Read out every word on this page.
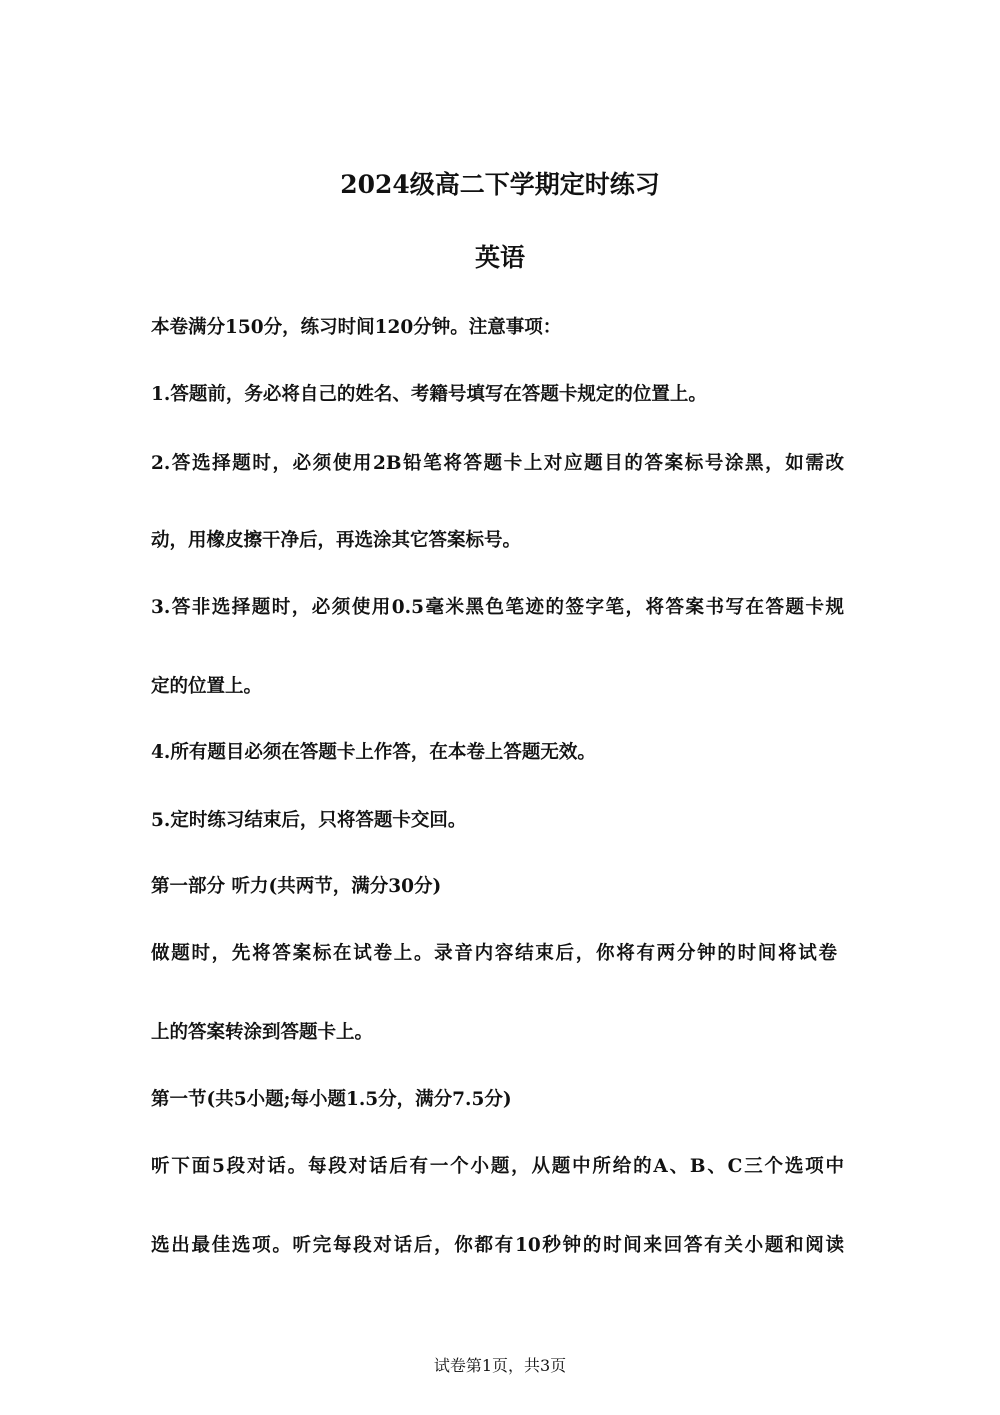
2024级高二下学期定时练习
英语

本卷满分150分，练习时间120分钟。注意事项：

1.答题前，务必将自己的姓名、考籍号填写在答题卡规定的位置上。

2.答选择题时，必须使用2B铅笔将答题卡上对应题目的答案标号涂黑，如需改

动，用橡皮擦干净后，再选涂其它答案标号。

3.答非选择题时，必须使用0.5毫米黑色笔迹的签字笔，将答案书写在答题卡规

定的位置上。

4.所有题目必须在答题卡上作答，在本卷上答题无效。

5.定时练习结束后，只将答题卡交回。

第一部分 听力(共两节，满分30分)

做题时，先将答案标在试卷上。录音内容结束后，你将有两分钟的时间将试卷

上的答案转涂到答题卡上。

第一节(共5小题;每小题1.5分，满分7.5分)

听下面5段对话。每段对话后有一个小题，从题中所给的A、B、C三个选项中

选出最佳选项。听完每段对话后，你都有10秒钟的时间来回答有关小题和阅读

试卷第1页，共3页
